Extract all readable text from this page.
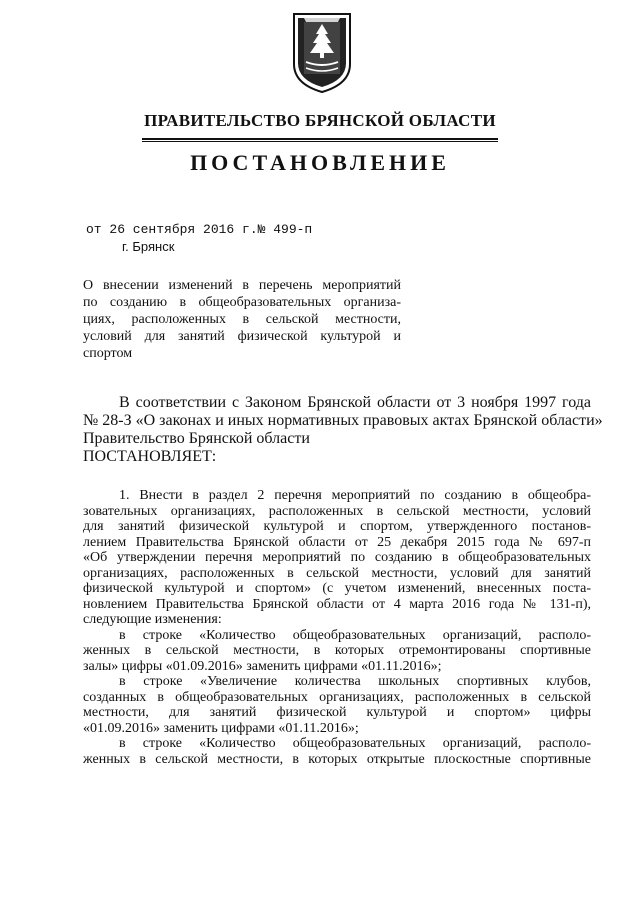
ПРАВИТЕЛЬСТВО БРЯНСКОЙ ОБЛАСТИ
ПОСТАНОВЛЕНИЕ
от 26 сентября 2016 г.№ 499-п
г. Брянск
О внесении изменений в перечень мероприятий
по созданию в общеобразовательных организа-
циях, расположенных в сельской местности,
условий для занятий физической культурой и
спортом
В соответствии с Законом Брянской области от 3 ноября 1997 года
№ 28-З «О законах и иных нормативных правовых актах Брянской области»
Правительство Брянской области
ПОСТАНОВЛЯЕТ:
1. Внести в раздел 2 перечня мероприятий по созданию в общеобра-
зовательных организациях, расположенных в сельской местности, условий
для занятий физической культурой и спортом, утвержденного постанов-
лением Правительства Брянской области от 25 декабря 2015 года № 697-п
«Об утверждении перечня мероприятий по созданию в общеобразовательных
организациях, расположенных в сельской местности, условий для занятий
физической культурой и спортом» (с учетом изменений, внесенных поста-
новлением Правительства Брянской области от 4 марта 2016 года № 131-п),
следующие изменения:
в строке «Количество общеобразовательных организаций, располо-
женных в сельской местности, в которых отремонтированы спортивные
залы» цифры «01.09.2016» заменить цифрами «01.11.2016»;
в строке «Увеличение количества школьных спортивных клубов,
созданных в общеобразовательных организациях, расположенных в сельской
местности, для занятий физической культурой и спортом» цифры
«01.09.2016» заменить цифрами «01.11.2016»;
в строке «Количество общеобразовательных организаций, располо-
женных в сельской местности, в которых открытые плоскостные спортивные
